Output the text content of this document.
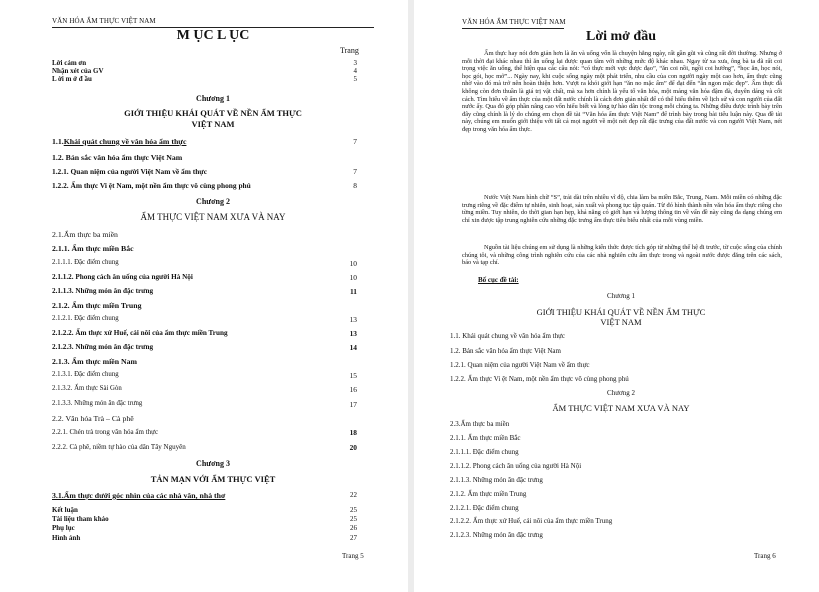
VĂN HÓA ẨM THỰC VIỆT NAM
M ỤC L ỤC
Trang
Lời cảm ơn	3
Nhận xét của GV	4
L ời m ở đ ầu	5
Chương 1
GIỚI THIỆU KHÁI QUÁT VỀ NỀN ẨM THỰC
VIỆT NAM
1.1.Khái quát chung về văn hóa ẩm thực	7
1.2. Bản sắc văn hóa ẩm thực Việt Nam
1.2.1. Quan niệm của người Việt Nam về ẩm thực	7
1.2.2. Ẩm thực Vi ệt Nam, một nền ẩm thực vô cùng phong phú	8
Chương 2
ẨM THỰC VIỆT NAM XƯA VÀ NAY
2.1.Ẩm thực ba miền
2.1.1. Ẩm thực miền Bắc
2.1.1.1. Đặc điểm chung	10
2.1.1.2. Phong cách ăn uống của người Hà Nội	10
2.1.1.3. Những món ăn đặc trưng	11
2.1.2. Ẩm thực miền Trung
2.1.2.1. Đặc điểm chung	13
2.1.2.2. Ẩm thực xứ Huế, cái nôi của ẩm thực miền Trung	13
2.1.2.3. Những món ăn đặc trưng	14
2.1.3. Ẩm thực miền Nam
2.1.3.1. Đặc điểm chung	15
2.1.3.2. Ẩm thực Sài Gòn	16
2.1.3.3. Những món ăn đặc trưng	17
2.2. Văn hóa Trà – Cà phê
2.2.1. Chén trà trong văn hóa ẩm thực	18
2.2.2. Cà phê, niềm tự hào của dân Tây Nguyên	20
Chương 3
TẢN MẠN VỚI ẨM THỰC VIỆT
3.1.Ẩm thực dưới góc nhìn của các nhà văn, nhà thơ	22
Kết luận	25
Tài liệu tham khảo	25
Phụ lục	26
Hình ảnh	27
Trang 5
VĂN HÓA ẨM THỰC VIỆT NAM
Lời mở đầu
Ẩm thực hay nói đơn giản hơn là ăn và uống vốn là chuyện hằng ngày, rất gần gũi và cũng rất đời thường. Nhưng ở mỗi thời đại khác nhau thì ăn uống lại được quan tâm với những mức độ khác nhau. Ngay từ xa xưa, ông bà ta đã rất coi trọng việc ăn uống, thể hiện qua các câu nói: “có thực mới vực được đạo”, “ăn coi nồi, ngồi coi hướng”, “học ăn, học nói, học gói, học mở”... Ngày nay, khi cuộc sống ngày một phát triển, nhu cầu của con người ngày một cao hơn, ẩm thực cũng nhờ vào đó mà trở nên hoàn thiện hơn. Vượt ra khỏi giới hạn “ăn no mặc ấm” để đạt đến “ăn ngon mặc đẹp”. Ẩm thực đã không còn đơn thuần là giá trị vật chất, mà xa hơn chính là yếu tố văn hóa, một mảng văn hóa đậm đà, duyên dáng và cốt cách. Tìm hiểu về ẩm thực của một đất nước chính là cách đơn giản nhất để có thể hiểu thêm về lịch sử và con người của đất nước ấy. Qua đó góp phần nâng cao vốn hiểu biết và lòng tự hào dân tộc trong mỗi chúng ta. Những điều được trình bày trên đây cũng chính là lý do chúng em chọn đề tài “Văn hóa ẩm thực Việt Nam” để trình bày trong bài tiểu luận này. Qua đề tài này, chúng em muốn giới thiệu với tất cả mọi người về một nét đẹp rất đặc trưng của đất nước và con người Việt Nam, nét đẹp trong văn hóa ẩm thực.
Nước Việt Nam hình chữ “S”, trải dài trên nhiều vĩ độ, chia làm ba miền Bắc, Trung, Nam. Mỗi miền có những đặc trưng riêng về đặc điểm tự nhiên, sinh hoạt, sản xuất và phong tục tập quán. Từ đó hình thành nền văn hóa ẩm thực riêng cho từng miền. Tuy nhiên, do thời gian hạn hẹp, khả năng có giới hạn và lượng thông tin về vấn đề này cũng đa dạng chúng em chỉ xin được tập trung nghiên cứu những đặc trưng ẩm thực tiêu biểu nhất của mỗi vùng miền.
Nguồn tài liệu chúng em sử dụng là những kiến thức được tích góp từ những thế hệ đi trước, từ cuộc sống của chính chúng tôi, và những công trình nghiên cứu của các nhà nghiên cứu ẩm thực trong và ngoài nước được đăng trên các sách, báo và tạp chí.
Bố cục đề tài:
Chương 1
GIỚI THIỆU KHÁI QUÁT VỀ NỀN ẨM THỰC
VIỆT NAM
1.1. Khái quát chung về văn hóa ẩm thực
1.2. Bản sắc văn hóa ẩm thực Việt Nam
1.2.1. Quan niệm của người Việt Nam về ẩm thực
1.2.2. Ẩm thực Vi ệt Nam, một nền ẩm thực vô cùng phong phú
Chương 2
ẨM THỰC VIỆT NAM XƯA VÀ NAY
2.3.Ẩm thực ba miền
2.1.1. Ẩm thực miền Bắc
2.1.1.1. Đặc điểm chung
2.1.1.2. Phong cách ăn uống của người Hà Nội
2.1.1.3. Những món ăn đặc trưng
2.1.2. Ẩm thực miền Trung
2.1.2.1. Đặc điểm chung
2.1.2.2. Ẩm thực xứ Huế, cái nôi của ẩm thực miền Trung
2.1.2.3. Những món ăn đặc trưng
Trang 6
